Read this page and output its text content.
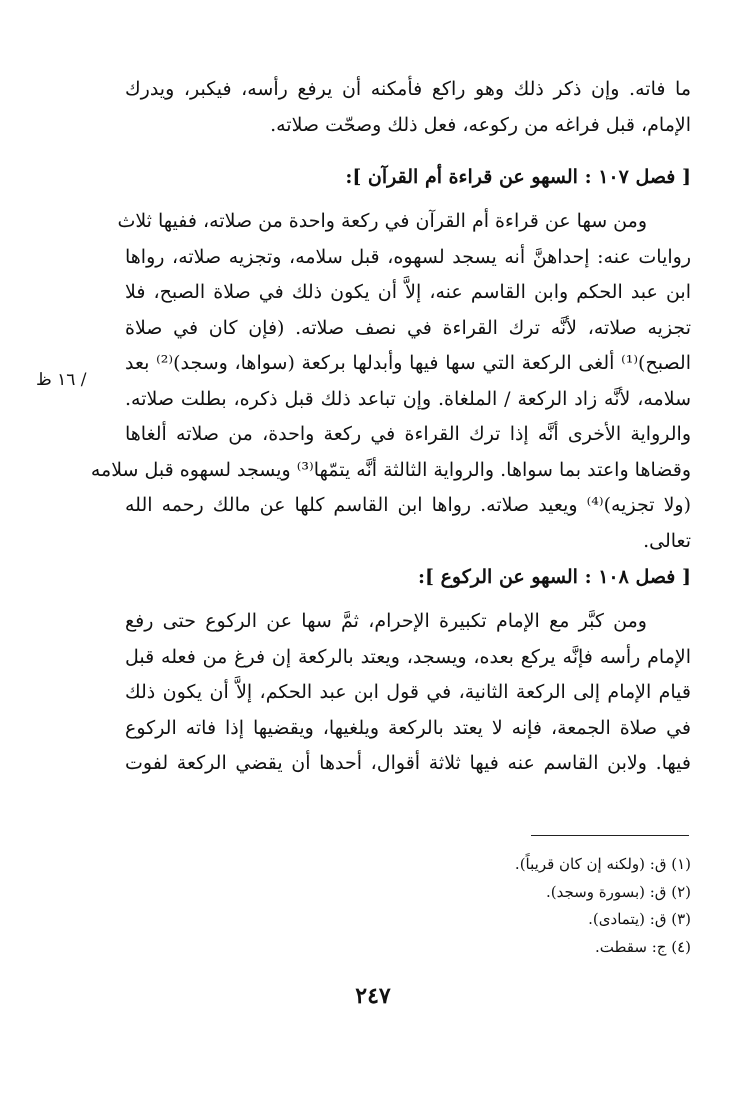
ما فاته. وإن ذكر ذلك وهو راكع فأمكنه أن يرفع رأسه، فيكبر، ويدرك
الإمام، قبل فراغه من ركوعه، فعل ذلك وصحّت صلاته.
[ فصل ١٠٧ : السهو عن قراءة أم القرآن ]:
ومن سها عن قراءة أم القرآن في ركعة واحدة من صلاته، ففيها ثلاث
روايات عنه: إحداهنَّ أنه يسجد لسهوه، قبل سلامه، وتجزيه صلاته، رواها
ابن عبد الحكم وابن القاسم عنه، إلاَّ أن يكون ذلك في صلاة الصبح، فلا
تجزيه صلاته، لأنَّه ترك القراءة في نصف صلاته. (فإن كان في صلاة
الصبح)⁽¹⁾ ألغى الركعة التي سها فيها وأبدلها بركعة (سواها، وسجد)⁽²⁾ بعد
سلامه، لأنَّه زاد الركعة / الملغاة. وإن تباعد ذلك قبل ذكره، بطلت صلاته.
والرواية الأخرى أنَّه إذا ترك القراءة في ركعة واحدة، من صلاته ألغاها
وقضاها واعتد بما سواها. والرواية الثالثة أنَّه يتمّها⁽³⁾ ويسجد لسهوه قبل سلامه
(ولا تجزيه)⁽⁴⁾ ويعيد صلاته. رواها ابن القاسم كلها عن مالك رحمه الله
تعالى.
/ ١٦ ظ
[ فصل ١٠٨ : السهو عن الركوع ]:
ومن كبَّر مع الإمام تكبيرة الإحرام، ثمَّ سها عن الركوع حتى رفع
الإمام رأسه فإنَّه يركع بعده، ويسجد، ويعتد بالركعة إن فرغ من فعله قبل
قيام الإمام إلى الركعة الثانية، في قول ابن عبد الحكم، إلاَّ أن يكون ذلك
في صلاة الجمعة، فإنه لا يعتد بالركعة ويلغيها، ويقضيها إذا فاته الركوع
فيها. ولابن القاسم عنه فيها ثلاثة أقوال، أحدها أن يقضي الركعة لفوت
(١) ق: (ولكنه إن كان قريباً).
(٢) ق: (بسورة وسجد).
(٣) ق: (يتمادى).
(٤) ج: سقطت.
٢٤٧
